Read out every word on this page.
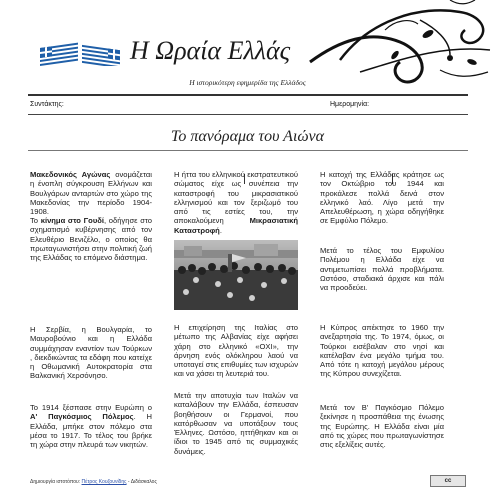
Η Ωραία Ελλάς
Η ιστορικότερη εφημερίδα της Ελλάδος
Συντάκτης:	Ημερομηνία:
Το πανόραμα του Αιώνα
Μακεδονικός Αγώνας ονομάζεται η ένοπλη σύγκρουση Ελλήνων και Βουλγάρων ανταρτών στο χώρο της Μακεδονίας την περίοδο 1904-1908.
Το κίνημα στο Γουδί, οδήγησε στο σχηματισμό κυβέρνησης από τον Ελευθέριο Βενιζέλο, ο οποίος θα πρωταγωνιστήσει στην πολιτική ζωή της Ελλάδας το επόμενο διάστημα.
Η Σερβία, η Βουλγαρία, το Μαυροβούνιο και η Ελλάδα συμμάχησαν εναντίον των Τούρκων , διεκδικώντας τα εδάφη που κατείχε η Οθωμανική Αυτοκρατορία στα Βαλκανική Χερσόνησο.
Το 1914 ξέσπασε στην Ευρώπη ο Α' Παγκόσμιος Πόλεμος. Η Ελλάδα, μπήκε στον πόλεμο στα μέσα το 1917. Το τέλος του βρήκε τη χώρα στην πλευρά των νικητών.
Η ήττα του ελληνικού εκστρατευτικού σώματος είχε ως συνέπεια την καταστροφή του μικρασιατικού ελληνισμού και τον ξεριζωμό του από τις εστίες του, την αποκαλούμενη Μικρασιατική Καταστροφή.
Η επιχείρηση της Ιταλίας στο μέτωπο της Αλβανίας είχε αφήσει χάρη στο ελληνικό «OXI», την άρνηση ενός ολόκληρου λαού να υποταγεί στις επιθυμίες των ισχυρών και να χάσει τη λευτεριά του.
Μετά την αποτυχία των Ιταλών να καταλάβουν την Ελλάδα, έσπευσαν βοηθήσουν οι Γερμανοί, που κατόρθωσαν να υποτάξουν τους Έλληνες. Ωστόσο, ηττήθηκαν και οι ίδιοι το 1945 από τις συμμαχικές δυνάμεις.
Η κατοχή της Ελλάδας κράτησε ως τον Οκτώβριο του 1944 και προκάλεσε πολλά δεινά στον ελληνικό λαό. Λίγο μετά την Απελευθέρωση, η χώρα οδηγήθηκε σε Εμφύλιο Πόλεμο.
Μετά το τέλος του Εμφυλίου Πολέμου η Ελλάδα είχε να αντιμετωπίσει πολλά προβλήματα. Ωστόσο, σταδιακά άρχισε και πάλι να προοδεύει.
Η Κύπρος απέκτησε το 1960 την ανεξαρτησία της. Το 1974, όμως, οι Τούρκοι εισέβαλαν στο νησί και κατέλαβαν ένα μεγάλο τμήμα του. Από τότε η κατοχή μεγάλου μέρους της Κύπρου συνεχίζεται.
Μετά τον Β' Παγκόσμιο Πόλεμο ξεκίνησε η προσπάθεια της ένωσης της Ευρώπης. Η Ελλάδα είναι μία από τις χώρες που πρωταγωνίστησε στις εξελίξεις αυτές.
Δημιουργία ιστοτόπου: Πέτρος Κουζουνίδης - Διδάσκαλος	cc
